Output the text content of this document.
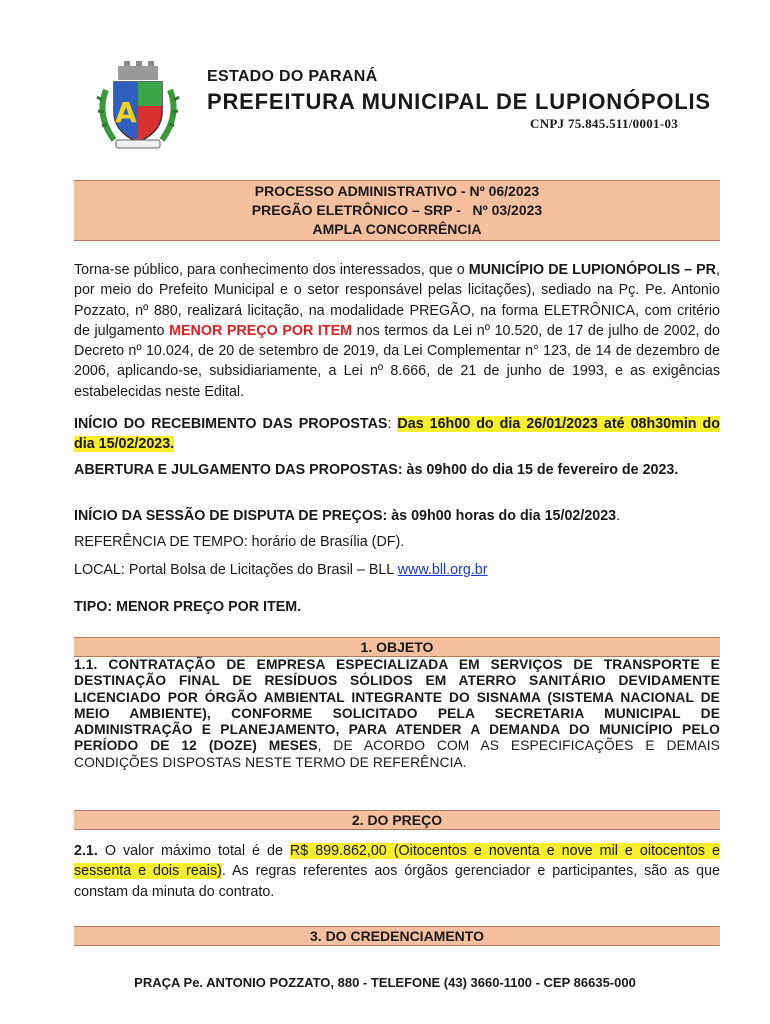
A
ESTADO DO PARANÁ
PREFEITURA MUNICIPAL DE LUPIONÓPOLIS
CNPJ 75.845.511/0001-03
PROCESSO ADMINISTRATIVO - Nº 06/2023
PREGÃO ELETRÔNICO – SRP -   Nº 03/2023
AMPLA CONCORRÊNCIA
Torna-se público, para conhecimento dos interessados, que o MUNICÍPIO DE LUPIONÓPOLIS – PR, por meio do Prefeito Municipal e o setor responsável pelas licitações), sediado na Pç. Pe. Antonio Pozzato, nº 880, realizará licitação, na modalidade PREGÃO, na forma ELETRÔNICA, com critério de julgamento MENOR PREÇO POR ITEM nos termos da Lei nº 10.520, de 17 de julho de 2002, do Decreto nº 10.024, de 20 de setembro de 2019, da Lei Complementar n° 123, de 14 de dezembro de 2006, aplicando-se, subsidiariamente, a Lei nº 8.666, de 21 de junho de 1993, e as exigências estabelecidas neste Edital.
INÍCIO DO RECEBIMENTO DAS PROPOSTAS: Das 16h00 do dia 26/01/2023 até 08h30min do dia 15/02/2023.
ABERTURA E JULGAMENTO DAS PROPOSTAS: às 09h00 do dia 15 de fevereiro de 2023.
INÍCIO DA SESSÃO DE DISPUTA DE PREÇOS: às 09h00 horas do dia 15/02/2023.
REFERÊNCIA DE TEMPO: horário de Brasília (DF).
LOCAL: Portal Bolsa de Licitações do Brasil – BLL www.bll.org.br
TIPO: MENOR PREÇO POR ITEM.
1. OBJETO
1.1. CONTRATAÇÃO DE EMPRESA ESPECIALIZADA EM SERVIÇOS DE TRANSPORTE E DESTINAÇÃO FINAL DE RESÍDUOS SÓLIDOS EM ATERRO SANITÁRIO DEVIDAMENTE LICENCIADO POR ÓRGÃO AMBIENTAL INTEGRANTE DO SISNAMA (SISTEMA NACIONAL DE MEIO AMBIENTE), CONFORME SOLICITADO PELA SECRETARIA MUNICIPAL DE ADMINISTRAÇÃO E PLANEJAMENTO, PARA ATENDER A DEMANDA DO MUNICÍPIO PELO PERÍODO DE 12 (DOZE) MESES, DE ACORDO COM AS ESPECIFICAÇÕES E DEMAIS CONDIÇÕES DISPOSTAS NESTE TERMO DE REFERÊNCIA.
2. DO PREÇO
2.1. O valor máximo total é de R$ 899.862,00 (Oitocentos e noventa e nove mil e oitocentos e sessenta e dois reais). As regras referentes aos órgãos gerenciador e participantes, são as que constam da minuta do contrato.
3. DO CREDENCIAMENTO
PRAÇA Pe. ANTONIO POZZATO, 880 - TELEFONE (43) 3660-1100 - CEP 86635-000
